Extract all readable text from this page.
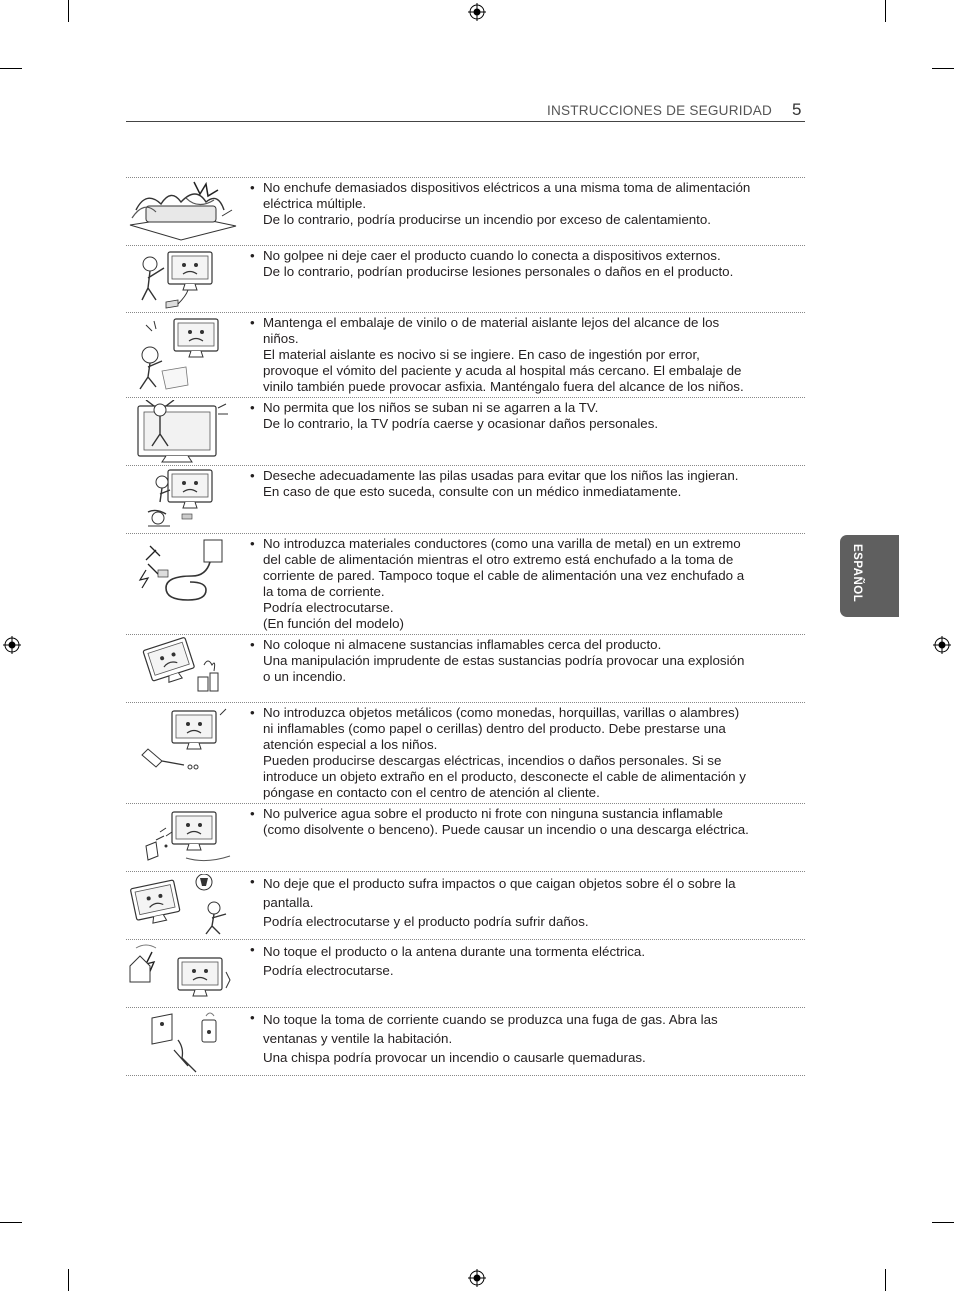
INSTRUCCIONES DE SEGURIDAD 5
ESPAÑOL
• No enchufe demasiados dispositivos eléctricos a una misma toma de alimentación

eléctrica múltiple.

De lo contrario, podría producirse un incendio por exceso de calentamiento.

• No golpee ni deje caer el producto cuando lo conecta a dispositivos externos.

De lo contrario, podrían producirse lesiones personales o daños en el producto.

• Mantenga el embalaje de vinilo o de material aislante lejos del alcance de los

niños.

El material aislante es nocivo si se ingiere. En caso de ingestión por error,

provoque el vómito del paciente y acuda al hospital más cercano. El embalaje de

vinilo también puede provocar asfixia. Manténgalo fuera del alcance de los niños.

• No permita que los niños se suban ni se agarren a la TV.

De lo contrario, la TV podría caerse y ocasionar daños personales.

• Deseche adecuadamente las pilas usadas para evitar que los niños las ingieran.

En caso de que esto suceda, consulte con un médico inmediatamente.

• No introduzca materiales conductores (como una varilla de metal) en un extremo

del cable de alimentación mientras el otro extremo está enchufado a la toma de

corriente de pared. Tampoco toque el cable de alimentación una vez enchufado a

la toma de corriente.

Podría electrocutarse.

(En función del modelo)

• No coloque ni almacene sustancias inflamables cerca del producto.

Una manipulación imprudente de estas sustancias podría provocar una explosión

o un incendio.

• No introduzca objetos metálicos (como monedas, horquillas, varillas o alambres)

ni inflamables (como papel o cerillas) dentro del producto. Debe prestarse una

atención especial a los niños.

Pueden producirse descargas eléctricas, incendios o daños personales. Si se

introduce un objeto extraño en el producto, desconecte el cable de alimentación y

póngase en contacto con el centro de atención al cliente.

• No pulverice agua sobre el producto ni frote con ninguna sustancia inflamable

(como disolvente o benceno). Puede causar un incendio o una descarga eléctrica.

• No deje que el producto sufra impactos o que caigan objetos sobre él o sobre la

pantalla.

Podría electrocutarse y el producto podría sufrir daños.

• No toque el producto o la antena durante una tormenta eléctrica.

Podría electrocutarse.

• No toque la toma de corriente cuando se produzca una fuga de gas. Abra las

ventanas y ventile la habitación.

Una chispa podría provocar un incendio o causarle quemaduras.
